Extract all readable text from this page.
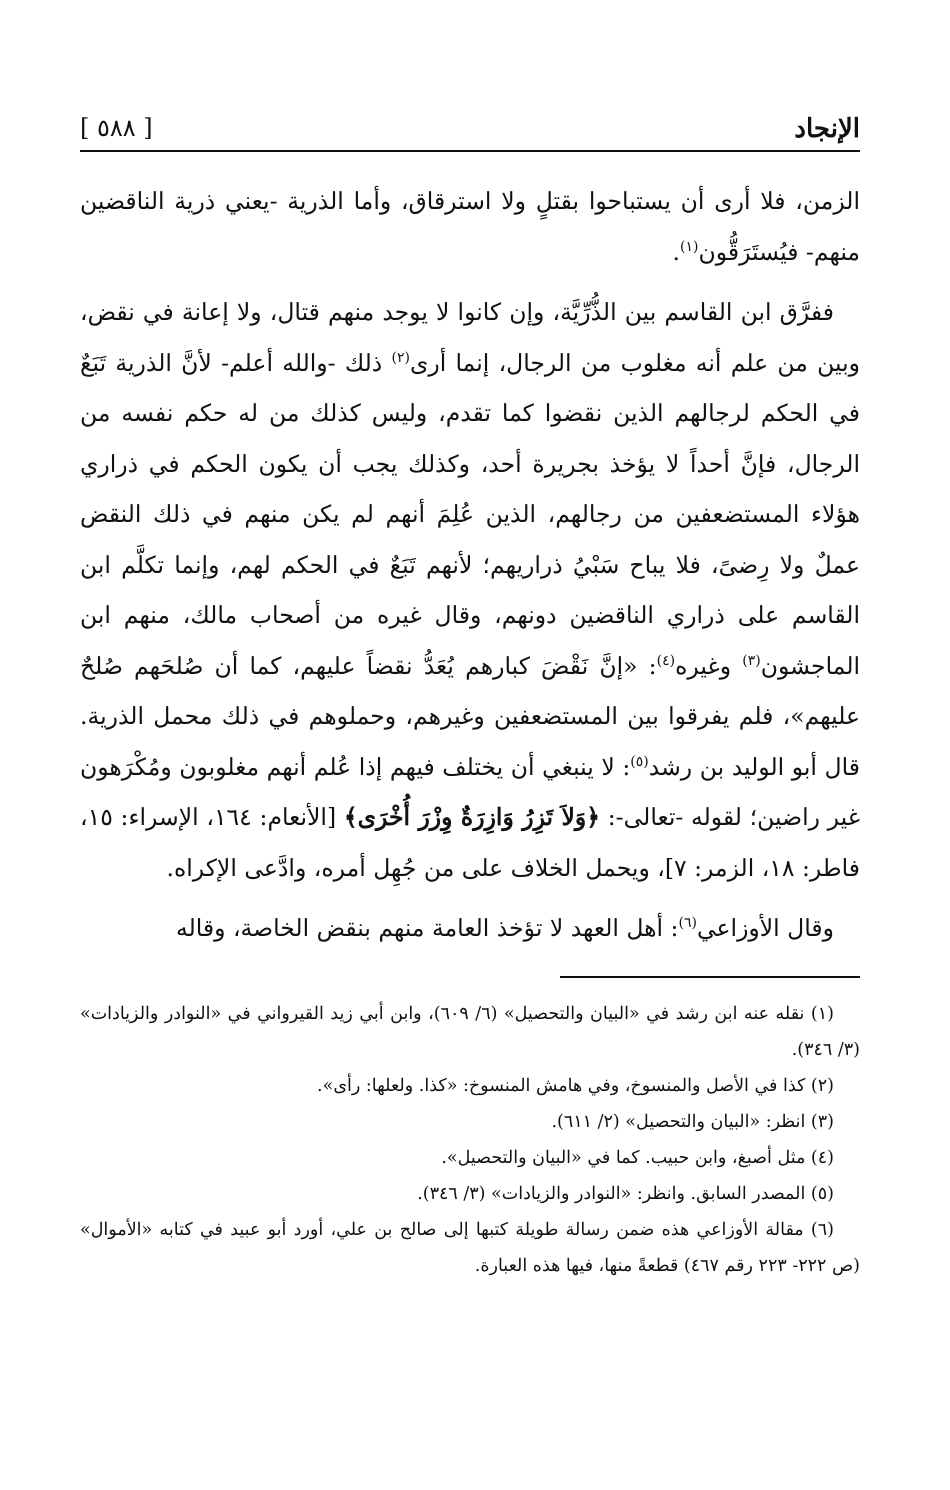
الإنجاد
[ ٥٨٨ ]

الزمن، فلا أرى أن يستباحوا بقتلٍ ولا استرقاق، وأما الذرية -يعني ذرية الناقضين منهم- فيُستَرَقُّون$^{(١)}$.

ففرَّق ابن القاسم بين الذُّرِّيَّة، وإن كانوا لا يوجد منهم قتال، ولا إعانة في نقض، وبين من علم أنه مغلوب من الرجال، إنما أرى$^{(٢)}$ ذلك -والله أعلم- لأنَّ الذرية تَبَعٌ في الحكم لرجالهم الذين نقضوا كما تقدم، وليس كذلك من له حكم نفسه من الرجال، فإنَّ أحداً لا يؤخذ بجريرة أحد، وكذلك يجب أن يكون الحكم في ذراري هؤلاء المستضعفين من رجالهم، الذين عُلِمَ أنهم لم يكن منهم في ذلك النقض عملٌ ولا رِضىً، فلا يباح سَبْيُ ذراريهم؛ لأنهم تَبَعٌ في الحكم لهم، وإنما تكلَّم ابن القاسم على ذراري الناقضين دونهم، وقال غيره من أصحاب مالك، منهم ابن الماجشون$^{(٣)}$ وغيره$^{(٤)}$: «إنَّ نَقْضَ كبارهم يُعَدُّ نقضاً عليهم، كما أن صُلحَهم صُلحٌ عليهم»، فلم يفرقوا بين المستضعفين وغيرهم، وحملوهم في ذلك محمل الذرية. قال أبو الوليد بن رشد$^{(٥)}$: لا ينبغي أن يختلف فيهم إذا عُلم أنهم مغلوبون ومُكْرَهون غير راضين؛ لقوله -تعالى-: ﴿وَلاَ تَزِرُ وَازِرَةٌ وِزْرَ أُخْرَى﴾ [الأنعام: ١٦٤، الإسراء: ١٥، فاطر: ١٨، الزمر: ٧]، ويحمل الخلاف على من جُهِل أمره، وادَّعى الإكراه.

وقال الأوزاعي$^{(٦)}$: أهل العهد لا تؤخذ العامة منهم بنقض الخاصة، وقاله

(١) نقله عنه ابن رشد في «البيان والتحصيل» (٦/ ٦٠٩)، وابن أبي زيد القيرواني في «النوادر والزيادات» (٣/ ٣٤٦).

(٢) كذا في الأصل والمنسوخ، وفي هامش المنسوخ: «كذا. ولعلها: رأى».

(٣) انظر: «البيان والتحصيل» (٢/ ٦١١).

(٤) مثل أصبغ، وابن حبيب. كما في «البيان والتحصيل».

(٥) المصدر السابق. وانظر: «النوادر والزيادات» (٣/ ٣٤٦).

(٦) مقالة الأوزاعي هذه ضمن رسالة طويلة كتبها إلى صالح بن علي، أورد أبو عبيد في كتابه «الأموال» (ص ٢٢٢- ٢٢٣ رقم ٤٦٧) قطعةً منها، فيها هذه العبارة.
